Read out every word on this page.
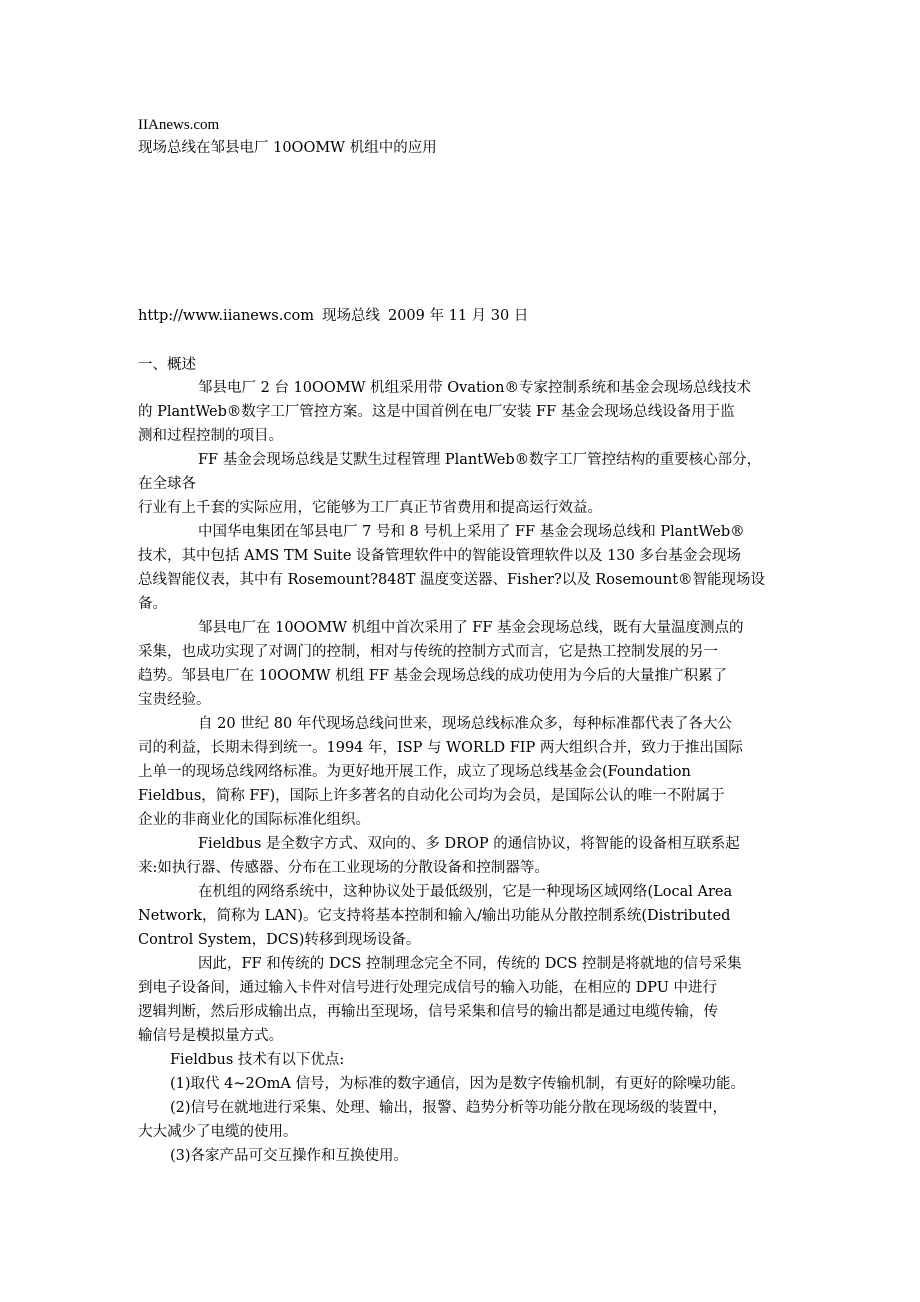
IIAnews.com
现场总线在邹县电厂 10OOMW 机组中的应用
http://www.iianews.com 现场总线 2009 年 11 月 30 日
一、概述
邹县电厂 2 台 10OOMW 机组采用带 Ovation®专家控制系统和基金会现场总线技术
的 PlantWeb®数字工厂管控方案。这是中国首例在电厂安装 FF 基金会现场总线设备用于监
测和过程控制的项目。
FF 基金会现场总线是艾默生过程管理 PlantWeb®数字工厂管控结构的重要核心部分，
在全球各
行业有上千套的实际应用，它能够为工厂真正节省费用和提高运行效益。
中国华电集团在邹县电厂 7 号和 8 号机上采用了 FF 基金会现场总线和 PlantWeb®
技术，其中包括 AMS TM Suite 设备管理软件中的智能设管理软件以及 130 多台基金会现场
总线智能仪表，其中有 Rosemount?848T 温度变送器、Fisher?以及 Rosemount®智能现场设
备。
邹县电厂在 10OOMW 机组中首次采用了 FF 基金会现场总线，既有大量温度测点的
采集，也成功实现了对调门的控制，相对与传统的控制方式而言，它是热工控制发展的另一
趋势。邹县电厂在 10OOMW 机组 FF 基金会现场总线的成功使用为今后的大量推广积累了
宝贵经验。
自 20 世纪 80 年代现场总线问世来，现场总线标准众多，每种标准都代表了各大公
司的利益，长期未得到统一。1994 年，ISP 与 WORLD FIP 两大组织合并，致力于推出国际
上单一的现场总线网络标准。为更好地开展工作，成立了现场总线基金会(Foundation
Fieldbus，简称 FF)，国际上许多著名的自动化公司均为会员，是国际公认的唯一不附属于
企业的非商业化的国际标准化组织。
Fieldbus 是全数字方式、双向的、多 DROP 的通信协议，将智能的设备相互联系起
来:如执行器、传感器、分布在工业现场的分散设备和控制器等。
在机组的网络系统中，这种协议处于最低级别，它是一种现场区域网络(Local Area
Network，简称为 LAN)。它支持将基本控制和输入/输出功能从分散控制系统(Distributed
Control System，DCS)转移到现场设备。
因此，FF 和传统的 DCS 控制理念完全不同，传统的 DCS 控制是将就地的信号采集
到电子设备间，通过输入卡件对信号进行处理完成信号的输入功能，在相应的 DPU 中进行
逻辑判断，然后形成输出点，再输出至现场，信号采集和信号的输出都是通过电缆传输，传
输信号是模拟量方式。
Fieldbus 技术有以下优点:
(1)取代 4~2OmA 信号，为标准的数字通信，因为是数字传输机制，有更好的除噪功能。
(2)信号在就地进行采集、处理、输出，报警、趋势分析等功能分散在现场级的装置中，
大大减少了电缆的使用。
(3)各家产品可交互操作和互换使用。
